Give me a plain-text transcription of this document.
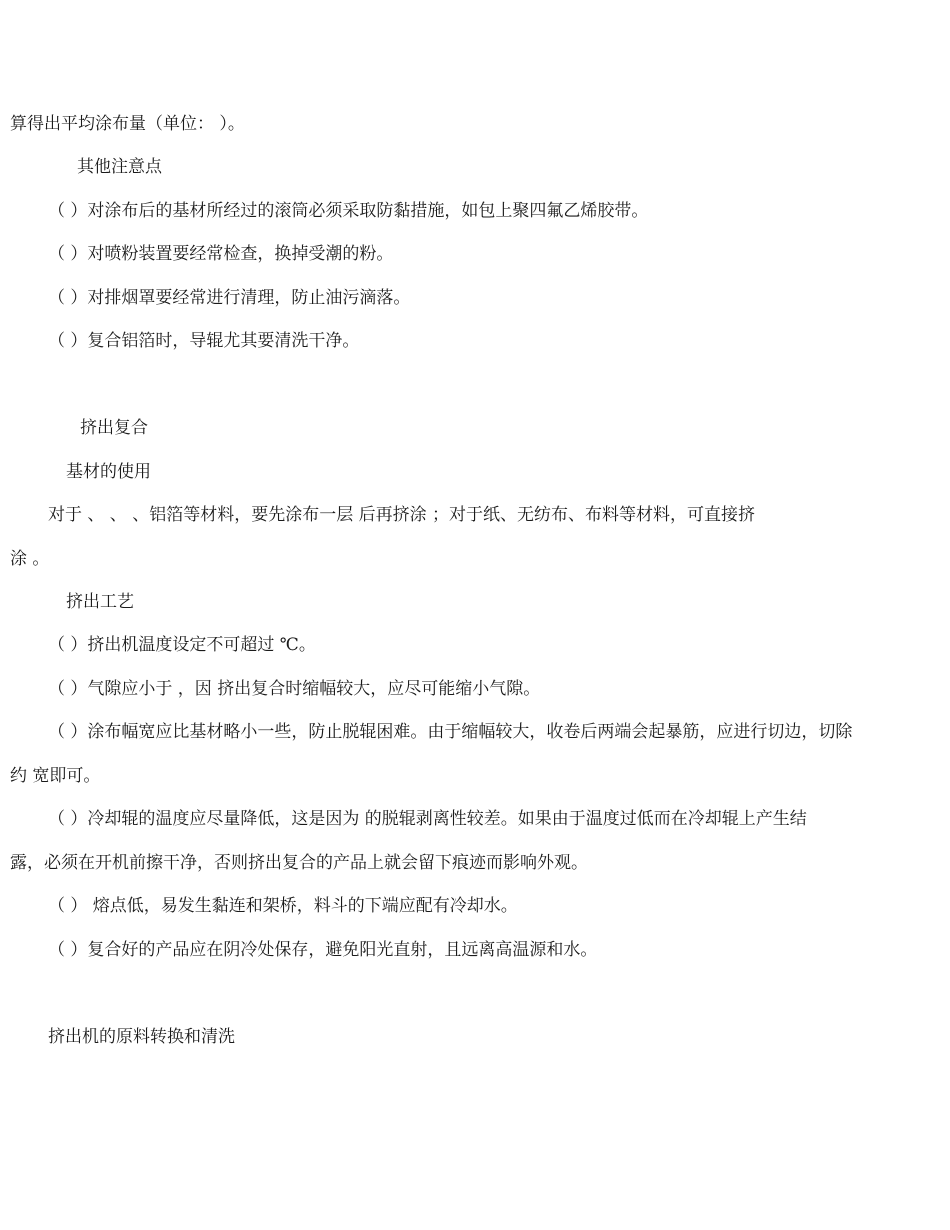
算得出平均涂布量（单位： ）。
其他注意点
（ ）对涂布后的基材所经过的滚筒必须采取防黏措施，如包上聚四氟乙烯胶带。
（ ）对喷粉装置要经常检查，换掉受潮的粉。
（ ）对排烟罩要经常进行清理，防止油污滴落。
（ ）复合铝箔时，导辊尤其要清洗干净。
挤出复合
基材的使用
对于 、 、 、铝箔等材料，要先涂布一层 后再挤涂 ；对于纸、无纺布、布料等材料，可直接挤
涂 。
挤出工艺
（ ）挤出机温度设定不可超过 ℃。
（ ）气隙应小于 ，因 挤出复合时缩幅较大，应尽可能缩小气隙。
（ ）涂布幅宽应比基材略小一些，防止脱辊困难。由于缩幅较大，收卷后两端会起暴筋，应进行切边，切除
约 宽即可。
（ ）冷却辊的温度应尽量降低，这是因为 的脱辊剥离性较差。如果由于温度过低而在冷却辊上产生结
露，必须在开机前擦干净，否则挤出复合的产品上就会留下痕迹而影响外观。
（ ） 熔点低，易发生黏连和架桥，料斗的下端应配有冷却水。
（ ）复合好的产品应在阴冷处保存，避免阳光直射，且远离高温源和水。
挤出机的原料转换和清洗
